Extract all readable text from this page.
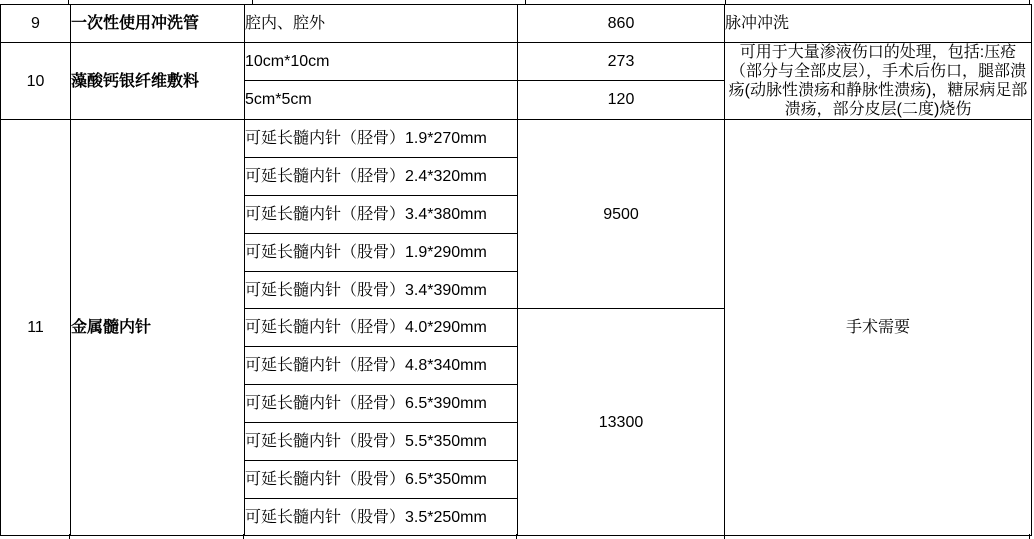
9	一次性使用冲洗管	腔内、腔外	860	脉冲冲洗
10	藻酸钙银纤维敷料	10cm*10cm	273	可用于大量渗液伤口的处理，包括:压疮（部分与全部皮层），手术后伤口，腿部溃疡(动脉性溃疡和静脉性溃疡)，糖尿病足部溃疡，部分皮层(二度)烧伤
		5cm*5cm	120	
11	金属髓内针	可延长髓内针（胫骨）1.9*270mm	9500	手术需要
		可延长髓内针（胫骨）2.4*320mm		
		可延长髓内针（胫骨）3.4*380mm		
		可延长髓内针（股骨）1.9*290mm		
		可延长髓内针（股骨）3.4*390mm		
		可延长髓内针（胫骨）4.0*290mm	13300	
		可延长髓内针（胫骨）4.8*340mm		
		可延长髓内针（胫骨）6.5*390mm		
		可延长髓内针（股骨）5.5*350mm		
		可延长髓内针（股骨）6.5*350mm		
		可延长髓内针（股骨）3.5*250mm		
